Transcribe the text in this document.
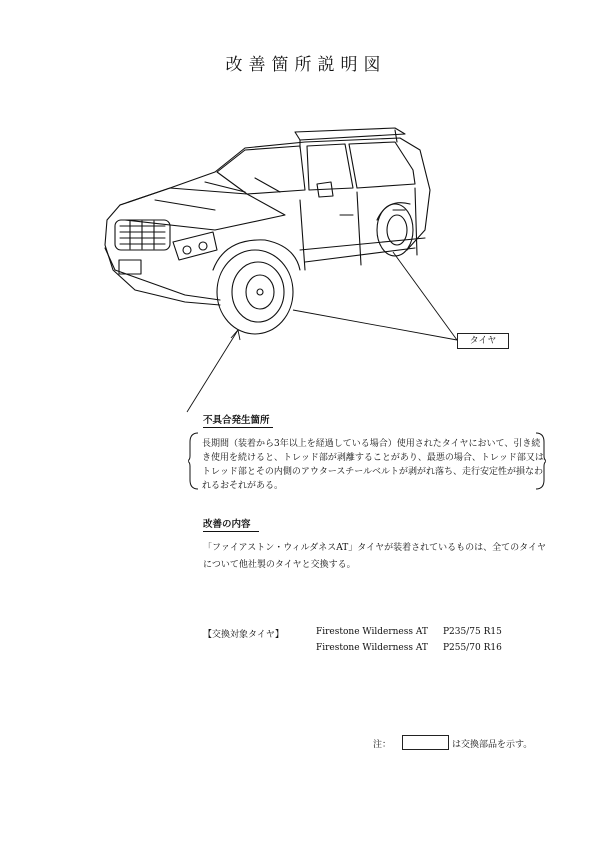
改善箇所説明図
タイヤ
不具合発生箇所
長期間（装着から3年以上を経過している場合）使用されたタイヤにおいて、引き続き使用を続けると、トレッド部が剥離することがあり、最悪の場合、トレッド部又はトレッド部とその内側のアウタースチールベルトが剥がれ落ち、走行安定性が損なわれるおそれがある。
改善の内容
「ファイアストン・ウィルダネスAT」タイヤが装着されているものは、全てのタイヤについて他社製のタイヤと交換する。
【交換対象タイヤ】	Firestone Wilderness AT P235/75 R15
Firestone Wilderness AT P255/70 R16
注：	は交換部品を示す。
